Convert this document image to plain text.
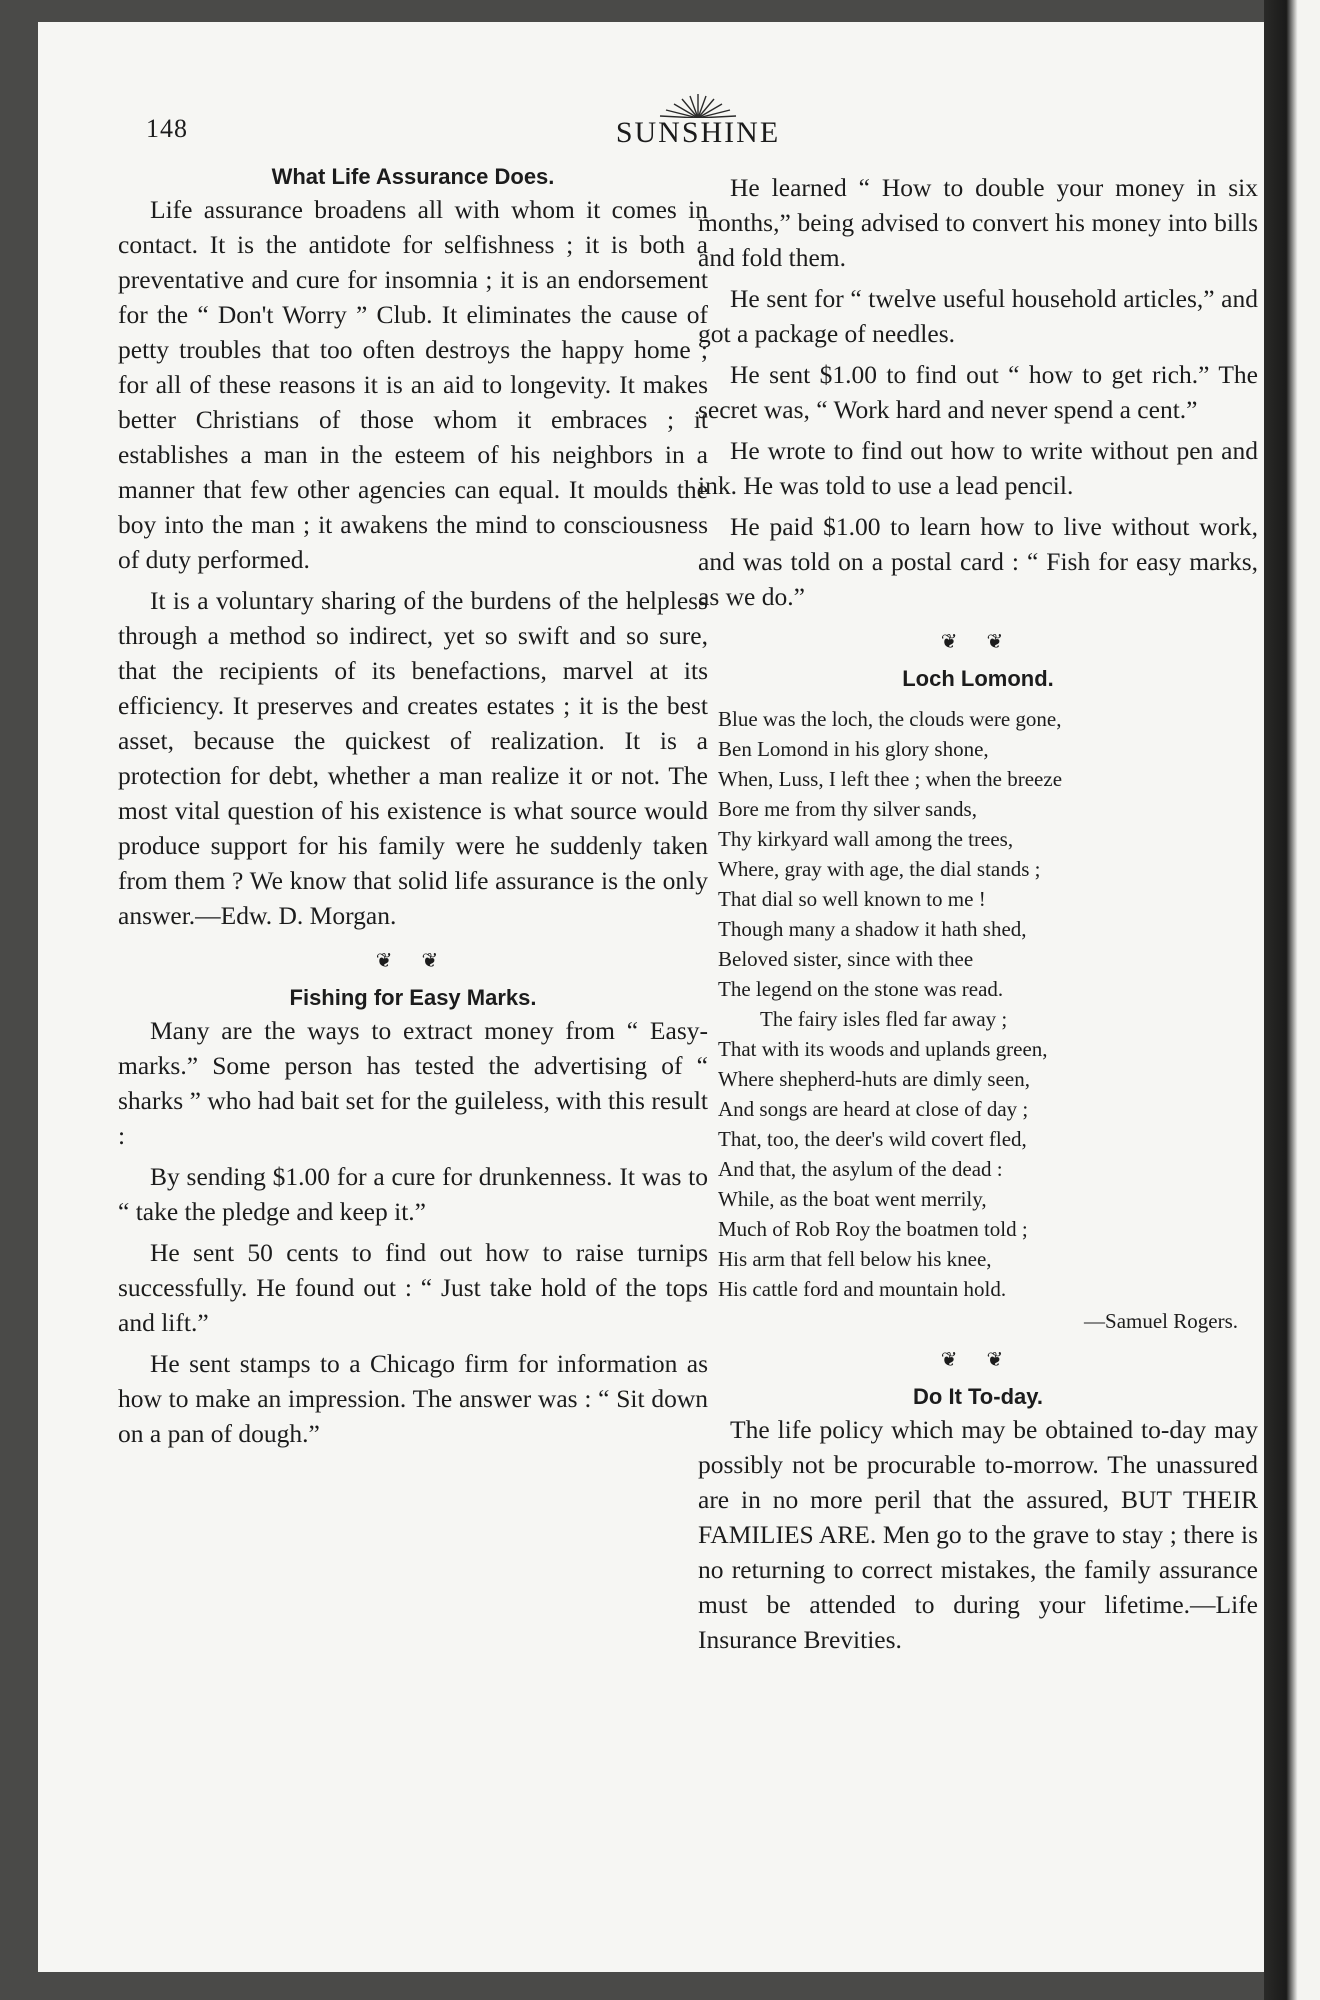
148	SUNSHINE
What Life Assurance Does.

Life assurance broadens all with whom it comes in contact. It is the antidote for selfishness ; it is both a preventative and cure for insomnia ; it is an endorsement for the “ Don't Worry ” Club. It eliminates the cause of petty troubles that too often destroys the happy home ; for all of these reasons it is an aid to longevity. It makes better Christians of those whom it embraces ; it establishes a man in the esteem of his neighbors in a manner that few other agencies can equal. It moulds the boy into the man ; it awakens the mind to consciousness of duty performed.

It is a voluntary sharing of the burdens of the helpless through a method so indirect, yet so swift and so sure, that the recipients of its benefactions, marvel at its efficiency. It preserves and creates estates ; it is the best asset, because the quickest of realization. It is a protection for debt, whether a man realize it or not. The most vital question of his existence is what source would produce support for his family were he suddenly taken from them ? We know that solid life assurance is the only answer.—Edw. D. Morgan.

❦ ❦
Fishing for Easy Marks.

Many are the ways to extract money from “ Easy-marks.” Some person has tested the advertising of “ sharks ” who had bait set for the guileless, with this result :

By sending $1.00 for a cure for drunkenness. It was to “ take the pledge and keep it.”

He sent 50 cents to find out how to raise turnips successfully. He found out : “ Just take hold of the tops and lift.”

He sent stamps to a Chicago firm for information as how to make an impression. The answer was : “ Sit down on a pan of dough.”

He learned “ How to double your money in six months,” being advised to convert his money into bills and fold them.

He sent for “ twelve useful household articles,” and got a package of needles.

He sent $1.00 to find out “ how to get rich.” The secret was, “ Work hard and never spend a cent.”

He wrote to find out how to write without pen and ink. He was told to use a lead pencil.

He paid $1.00 to learn how to live without work, and was told on a postal card : “ Fish for easy marks, as we do.”

❦ ❦
Loch Lomond.
Blue was the loch, the clouds were gone,
Ben Lomond in his glory shone,
When, Luss, I left thee ; when the breeze
Bore me from thy silver sands,
Thy kirkyard wall among the trees,
Where, gray with age, the dial stands ;
That dial so well known to me !
Though many a shadow it hath shed,
Beloved sister, since with thee
The legend on the stone was read.
The fairy isles fled far away ;
That with its woods and uplands green,
Where shepherd-huts are dimly seen,
And songs are heard at close of day ;
That, too, the deer's wild covert fled,
And that, the asylum of the dead :
While, as the boat went merrily,
Much of Rob Roy the boatmen told ;
His arm that fell below his knee,
His cattle ford and mountain hold.
—Samuel Rogers.
❦ ❦
Do It To-day.

The life policy which may be obtained to-day may possibly not be procurable to-morrow. The unassured are in no more peril that the assured, BUT THEIR FAMILIES ARE. Men go to the grave to stay ; there is no returning to correct mistakes, the family assurance must be attended to during your lifetime.—Life Insurance Brevities.
